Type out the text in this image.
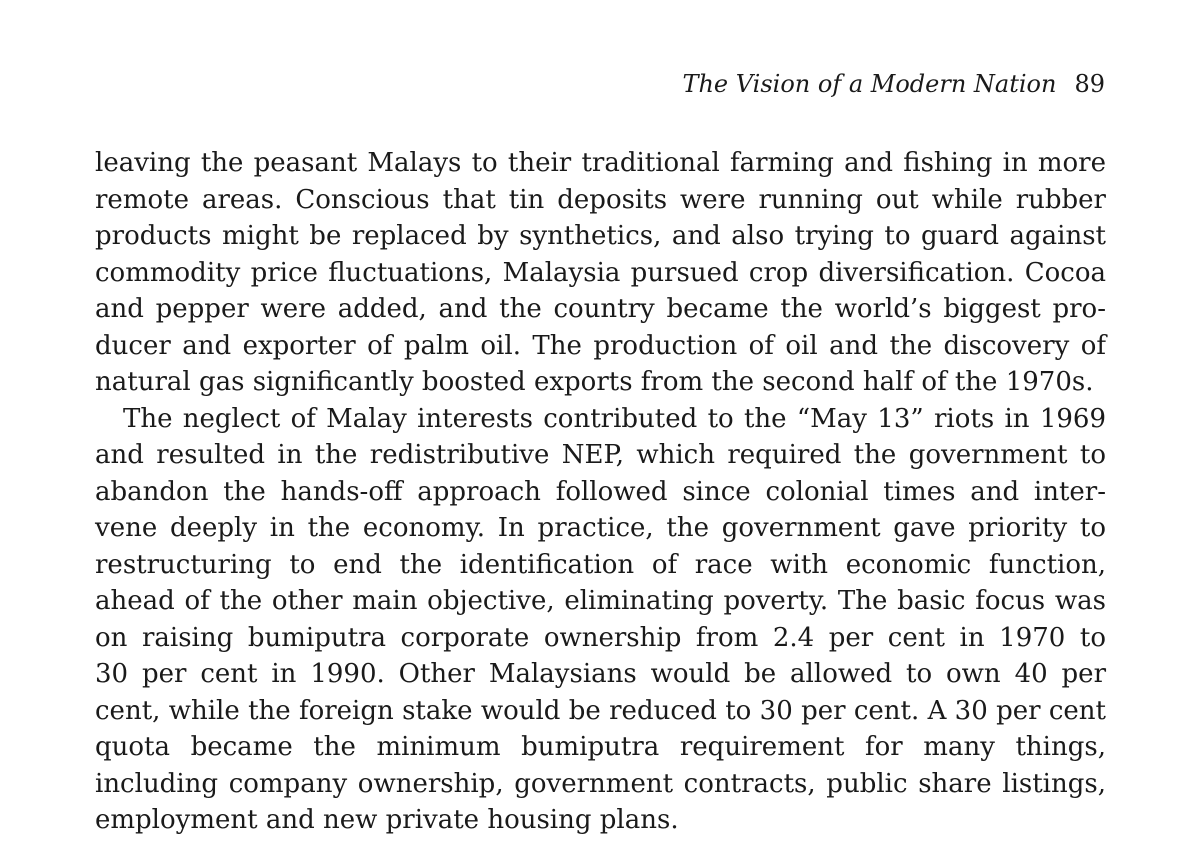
The Vision of a Modern Nation 89
leaving the peasant Malays to their traditional farming and fishing in more
remote areas. Conscious that tin deposits were running out while rubber
products might be replaced by synthetics, and also trying to guard against
commodity price fluctuations, Malaysia pursued crop diversification. Cocoa
and pepper were added, and the country became the world’s biggest pro-
ducer and exporter of palm oil. The production of oil and the discovery of
natural gas significantly boosted exports from the second half of the 1970s.
The neglect of Malay interests contributed to the “May 13” riots in 1969
and resulted in the redistributive NEP, which required the government to
abandon the hands-off approach followed since colonial times and inter-
vene deeply in the economy. In practice, the government gave priority to
restructuring to end the identification of race with economic function,
ahead of the other main objective, eliminating poverty. The basic focus was
on raising bumiputra corporate ownership from 2.4 per cent in 1970 to
30 per cent in 1990. Other Malaysians would be allowed to own 40 per
cent, while the foreign stake would be reduced to 30 per cent. A 30 per cent
quota became the minimum bumiputra requirement for many things,
including company ownership, government contracts, public share listings,
employment and new private housing plans.
